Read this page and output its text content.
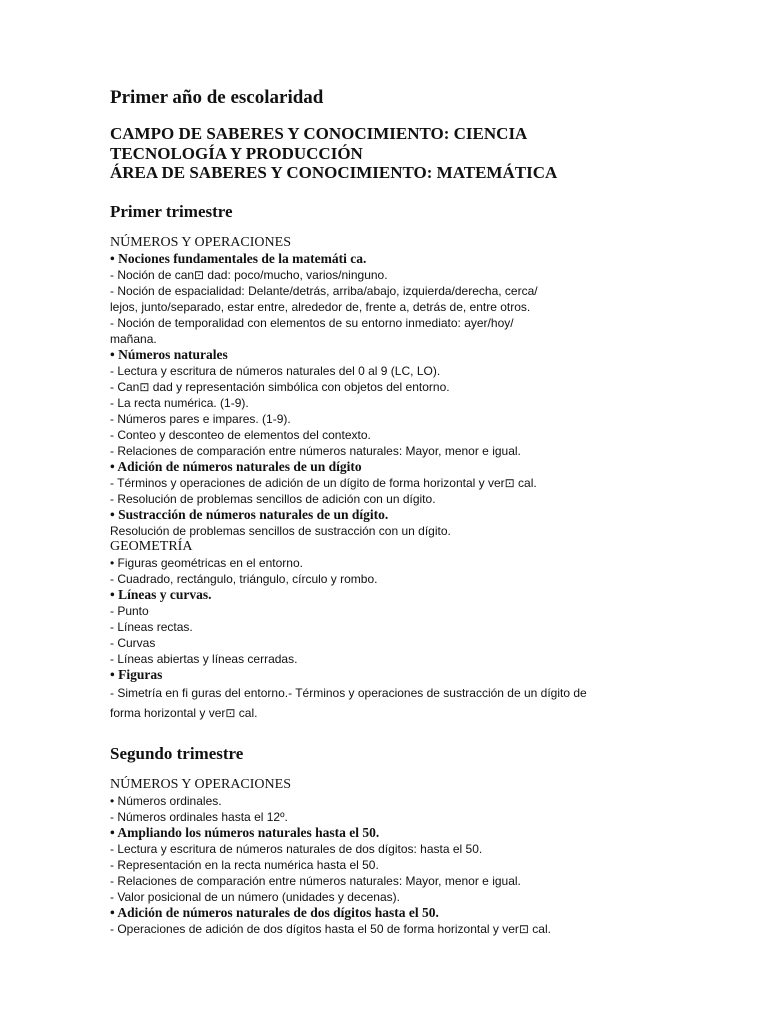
Primer año de escolaridad

CAMPO DE SABERES Y CONOCIMIENTO: CIENCIA

TECNOLOGÍA Y PRODUCCIÓN

ÁREA DE SABERES Y CONOCIMIENTO: MATEMÁTICA

Primer trimestre

NÚMEROS Y OPERACIONES

• Nociones fundamentales de la matemáti ca.

- Noción de can⊡ dad: poco/mucho, varios/ninguno.

- Noción de espacialidad: Delante/detrás, arriba/abajo, izquierda/derecha, cerca/

lejos, junto/separado, estar entre, alrededor de, frente a, detrás de, entre otros.

- Noción de temporalidad con elementos de su entorno inmediato: ayer/hoy/

mañana.

• Números naturales

- Lectura y escritura de números naturales del 0 al 9 (LC, LO).

- Can⊡ dad y representación simbólica con objetos del entorno.

- La recta numérica. (1-9).

- Números pares e impares. (1-9).

- Conteo y desconteo de elementos del contexto.

- Relaciones de comparación entre números naturales: Mayor, menor e igual.

• Adición de números naturales de un dígito

- Términos y operaciones de adición de un dígito de forma horizontal y ver⊡ cal.

- Resolución de problemas sencillos de adición con un dígito.

• Sustracción de números naturales de un dígito.

Resolución de problemas sencillos de sustracción con un dígito.

GEOMETRÍA

• Figuras geométricas en el entorno.

- Cuadrado, rectángulo, triángulo, círculo y rombo.

• Líneas y curvas.

- Punto

- Líneas rectas.

- Curvas

- Líneas abiertas y líneas cerradas.

• Figuras

- Simetría en fi guras del entorno.- Términos y operaciones de sustracción de un dígito de

forma horizontal y ver⊡ cal.

Segundo trimestre

NÚMEROS Y OPERACIONES

• Números ordinales.

- Números ordinales hasta el 12º.

• Ampliando los números naturales hasta el 50.

- Lectura y escritura de números naturales de dos dígitos: hasta el 50.

- Representación en la recta numérica hasta el 50.

- Relaciones de comparación entre números naturales: Mayor, menor e igual.

- Valor posicional de un número (unidades y decenas).

• Adición de números naturales de dos dígitos hasta el 50.

- Operaciones de adición de dos dígitos hasta el 50 de forma horizontal y ver⊡ cal.
